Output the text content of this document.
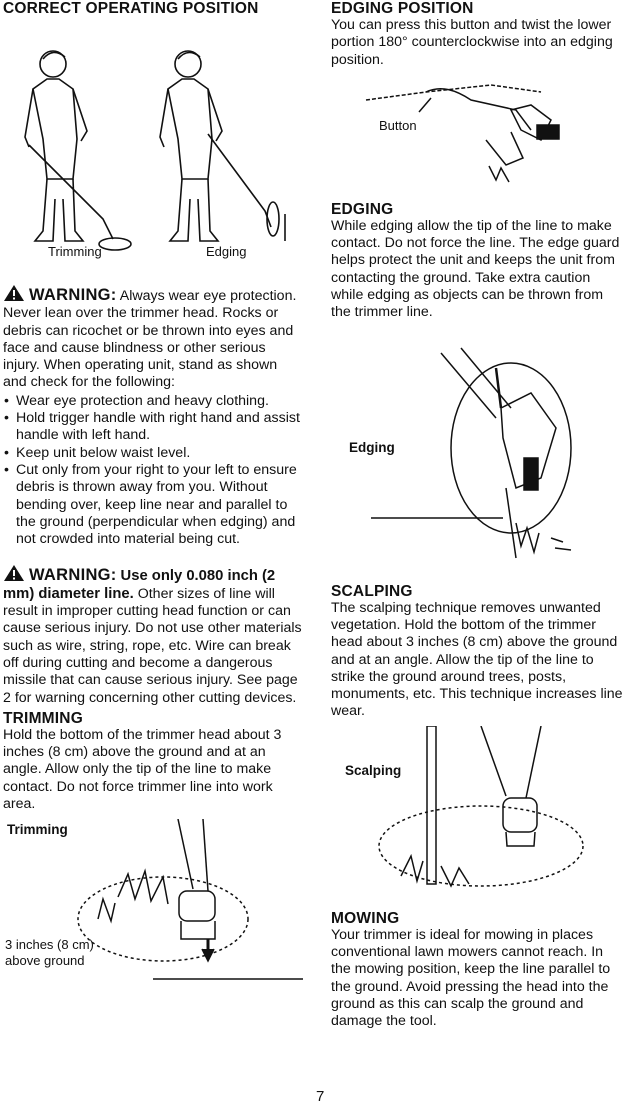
CORRECT OPERATING POSITION
Trimming	Edging

WARNING: Always wear eye protection. Never lean over the trimmer head. Rocks or debris can ricochet or be thrown into eyes and face and cause blindness or other serious injury. When operating unit, stand as shown and check for the following:

• Wear eye protection and heavy clothing.
• Hold trigger handle with right hand and assist handle with left hand.
• Keep unit below waist level.
• Cut only from your right to your left to ensure debris is thrown away from you. Without bending over, keep line near and parallel to the ground (perpendicular when edging) and not crowded into material being cut.

WARNING: Use only 0.080 inch (2 mm) diameter line. Other sizes of line will result in improper cutting head function or can cause serious injury. Do not use other materials such as wire, string, rope, etc. Wire can break off during cutting and become a dangerous missile that can cause serious injury. See page 2 for warning concerning other cutting devices.

TRIMMING

Hold the bottom of the trimmer head about 3 inches (8 cm) above the ground and at an angle. Allow only the tip of the line to make contact. Do not force trimmer line into work area.

Trimming
3 inches (8 cm)
above ground
EDGING POSITION

You can press this button and twist the lower portion 180° counterclockwise into an edging position.

Button
EDGING

While edging allow the tip of the line to make contact. Do not force the line. The edge guard helps protect the unit and keeps the unit from contacting the ground. Take extra caution while edging as objects can be thrown from the trimmer line.

Edging
SCALPING

The scalping technique removes unwanted vegetation. Hold the bottom of the trimmer head about 3 inches (8 cm) above the ground and at an angle. Allow the tip of the line to strike the ground around trees, posts, monuments, etc. This technique increases line wear.

Scalping
MOWING

Your trimmer is ideal for mowing in places conventional lawn mowers cannot reach. In the mowing position, keep the line parallel to the ground. Avoid pressing the head into the ground as this can scalp the ground and damage the tool.

7
